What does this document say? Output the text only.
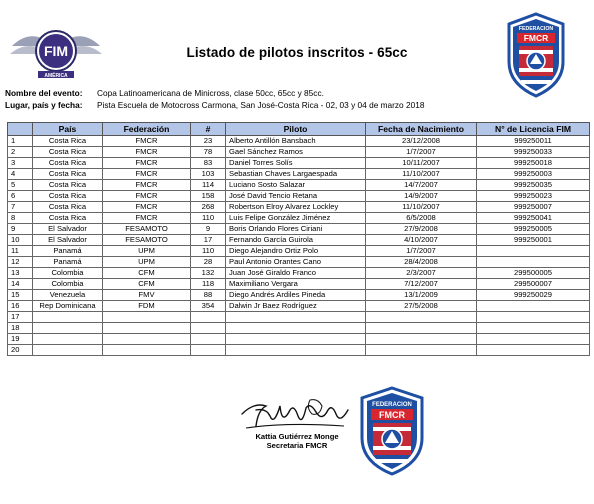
FIM
AMÉRICA
Listado de pilotos inscritos - 65cc
FEDERACION
FMCR
Nombre del evento: Copa Latinoamericana de Minicross, clase 50cc, 65cc y 85cc.
Lugar, país y fecha: Pista Escuela de Motocross Carmona, San José-Costa Rica - 02, 03 y 04 de marzo 2018
	País	Federación	#	Piloto	Fecha de Nacimiento	N° de Licencia FIM
1	Costa Rica	FMCR	23	Alberto Antillón Bansbach	23/12/2008	999250011
2	Costa Rica	FMCR	78	Gael Sánchez Ramos	1/7/2007	999250033
3	Costa Rica	FMCR	83	Daniel Torres Solís	10/11/2007	999250018
4	Costa Rica	FMCR	103	Sebastian Chaves Largaespada	11/10/2007	999250003
5	Costa Rica	FMCR	114	Luciano Sosto Salazar	14/7/2007	999250035
6	Costa Rica	FMCR	158	José David Tencio Retana	14/9/2007	999250023
7	Costa Rica	FMCR	268	Robertson Elroy Alvarez Lockley	11/10/2007	999250007
8	Costa Rica	FMCR	110	Luis Felipe González Jiménez	6/5/2008	999250041
9	El Salvador	FESAMOTO	9	Boris Orlando Flores Ciriani	27/9/2008	999250005
10	El Salvador	FESAMOTO	17	Fernando García Guirola	4/10/2007	999250001
11	Panamá	UPM	110	Diego Alejandro Ortiz Polo	1/7/2007	
12	Panamá	UPM	28	Paul Antonio Orantes Cano	28/4/2008	
13	Colombia	CFM	132	Juan José Giraldo Franco	2/3/2007	299500005
14	Colombia	CFM	118	Maximiliano Vergara	7/12/2007	299500007
15	Venezuela	FMV	88	Diego Andrés Ardiles Pineda	13/1/2009	999250029
16	Rep Dominicana	FDM	354	Dalwin Jr Baez Rodríguez	27/5/2008	
17						
18						
19						
20						
Kattia Gutiérrez Monge
Secretaria FMCR
FEDERACION
FMCR
